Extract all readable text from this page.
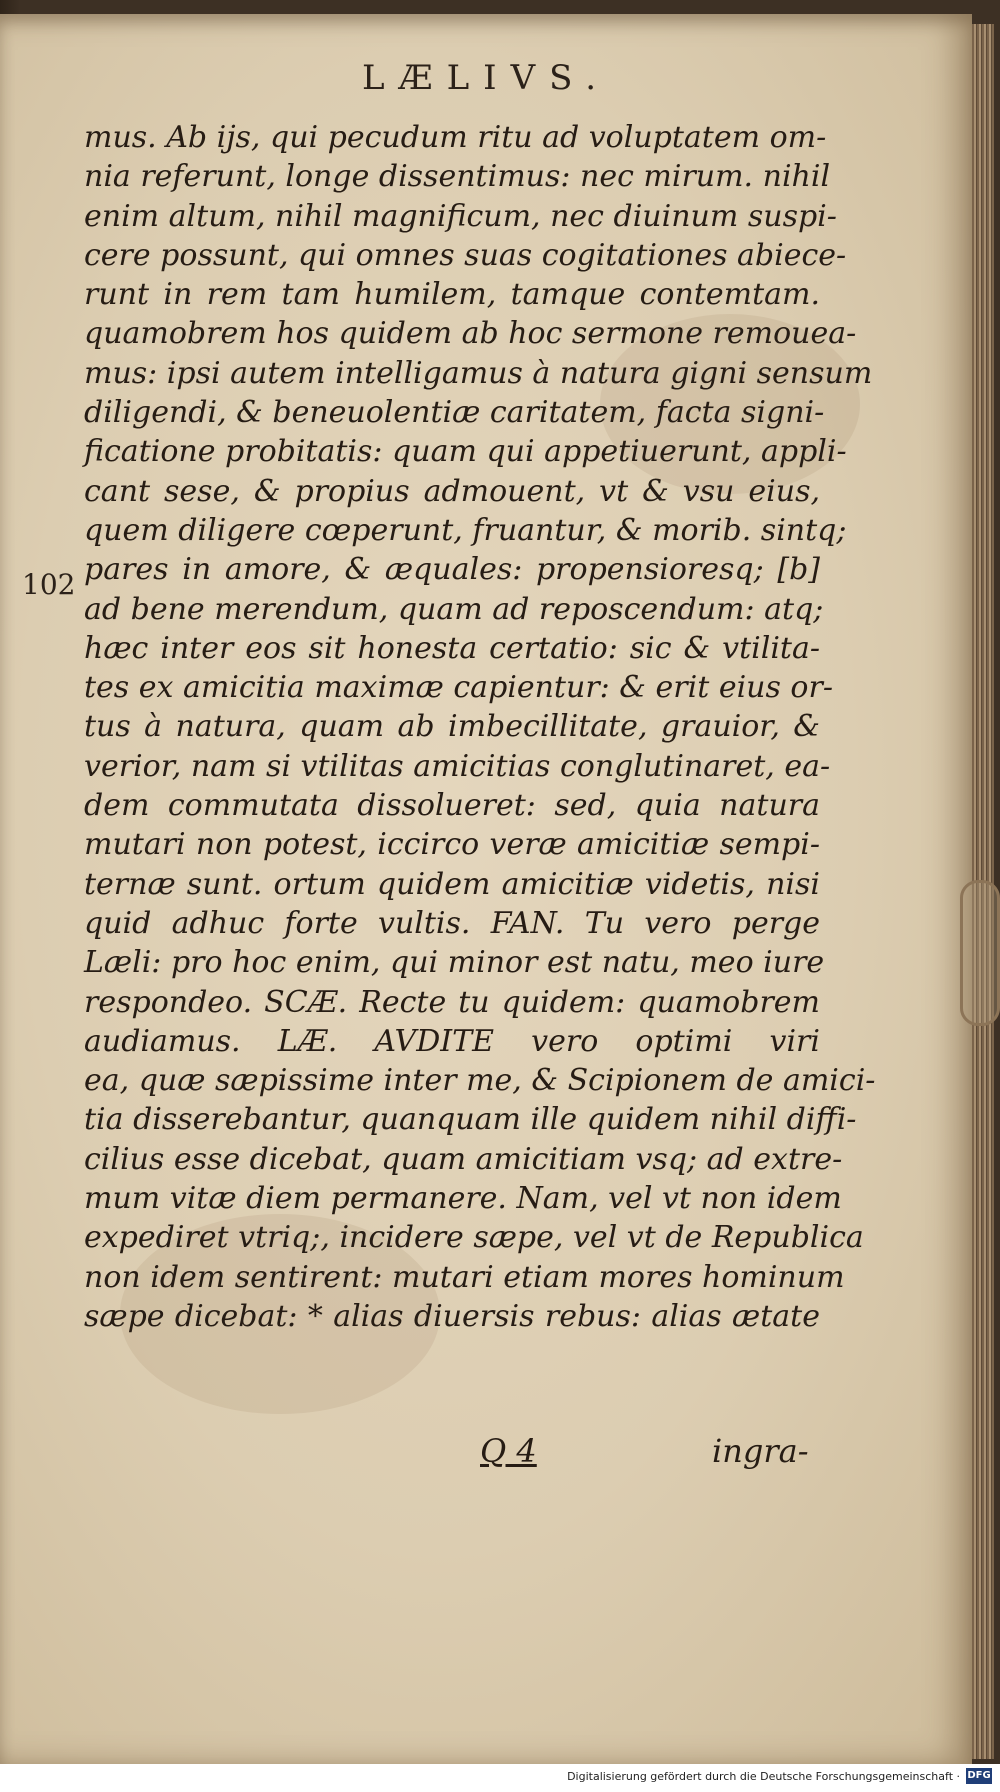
LÆLIVS.
102
mus. Ab ijs, qui pecudum ritu ad voluptatem om-
nia referunt, longe dissentimus: nec mirum. nihil
enim altum, nihil magnificum, nec diuinum suspi-
cere possunt, qui omnes suas cogitationes abiece-
runt in rem tam humilem, tamque contemtam.
quamobrem hos quidem ab hoc sermone remouea-
mus: ipsi autem intelligamus à natura gigni sensum
diligendi, & beneuolentiæ caritatem, facta signi-
ficatione probitatis: quam qui appetiuerunt, appli-
cant sese, & propius admouent, vt & vsu eius,
quem diligere cœperunt, fruantur, & morib. sintq;
pares in amore, & æquales: propensioresq; [b]
ad bene merendum, quam ad reposcendum: atq;
hæc inter eos sit honesta certatio: sic & vtilita-
tes ex amicitia maximæ capientur: & erit eius or-
tus à natura, quam ab imbecillitate, grauior, &
verior, nam si vtilitas amicitias conglutinaret, ea-
dem commutata dissolueret: sed, quia natura
mutari non potest, iccirco veræ amicitiæ sempi-
ternæ sunt. ortum quidem amicitiæ videtis, nisi
quid adhuc forte vultis. FAN. Tu vero perge
Læli: pro hoc enim, qui minor est natu, meo iure
respondeo. SCÆ. Recte tu quidem: quamobrem
audiamus. LÆ. AVDITE vero optimi viri
ea, quæ sæpissime inter me, & Scipionem de amici-
tia disserebantur, quanquam ille quidem nihil diffi-
cilius esse dicebat, quam amicitiam vsq; ad extre-
mum vitæ diem permanere. Nam, vel vt non idem
expediret vtriq;, incidere sæpe, vel vt de Republica
non idem sentirent: mutari etiam mores hominum
sæpe dicebat: * alias diuersis rebus: alias ætate
Q 4	ingra-
Digitalisierung gefördert durch die Deutsche Forschungsgemeinschaft · DFG
